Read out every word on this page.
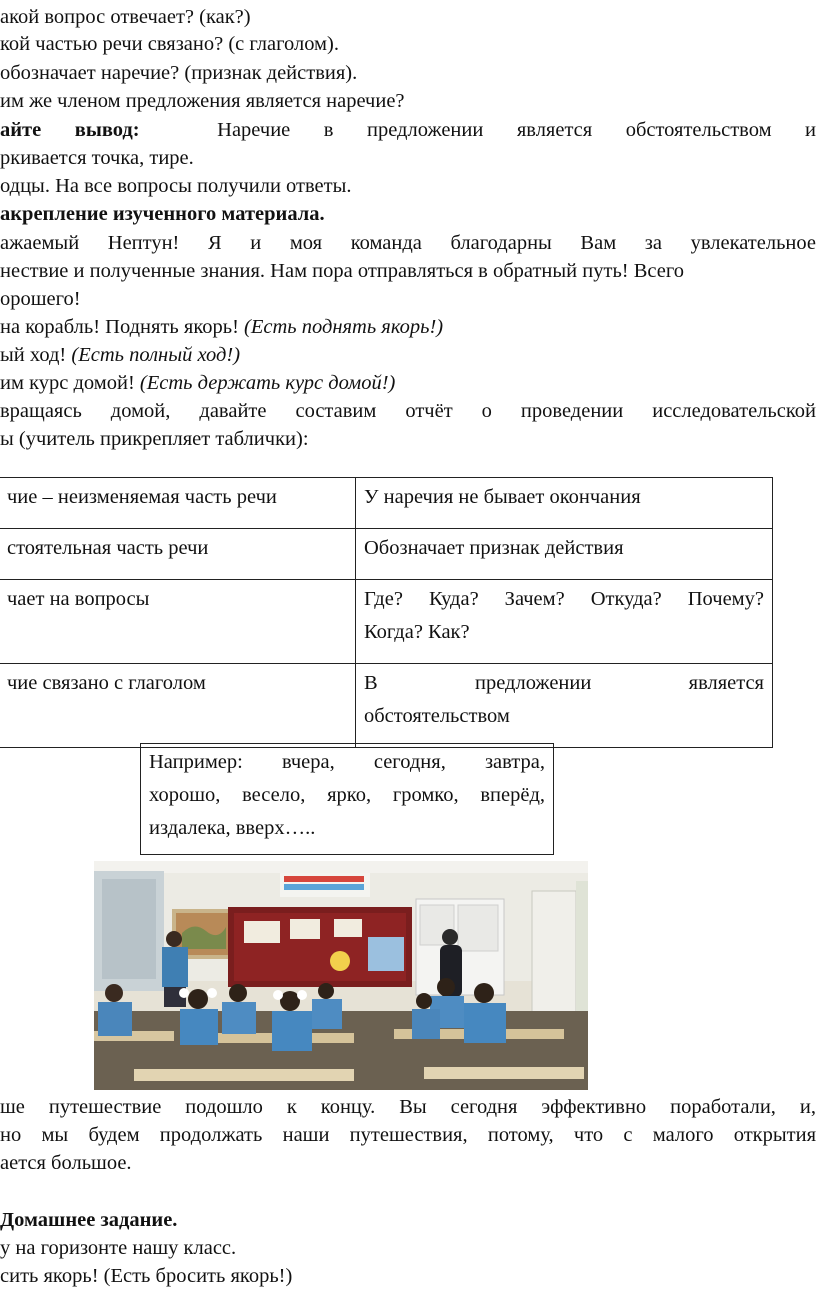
акой вопрос отвечает? (как?)
кой частью речи связано? (с глаголом).
обозначает наречие? (признак действия).
им же членом предложения является наречие?
айте вывод:	Наречие в предложении является обстоятельством и
ркивается точка, тире.
одцы. На все вопросы получили ответы.
акрепление изученного материала.
ажаемый Нептун! Я и моя команда благодарны Вам за увлекательное
нествие и полученные знания. Нам пора отправляться в обратный путь! Всего
орошего!
на корабль! Поднять якорь! (Есть поднять якорь!)
ый ход! (Есть полный ход!)
им курс домой! (Есть держать курс домой!)
вращаясь домой, давайте составим отчёт о проведении исследовательской
ы (учитель прикрепляет таблички):
чие – неизменяемая часть речи	У наречия не бывает окончания
стоятельная часть речи	Обозначает признак действия
чает на вопросы	Где? Куда? Зачем? Откуда? Почему?
Когда? Как?

чие связано с глаголом	В предложении является
обстоятельством
Например: вчера, сегодня, завтра,
хорошо, весело, ярко, громко, вперёд,
издалека, вверх…..
ше путешествие подошло к концу. Вы сегодня эффективно поработали, и,
но мы будем продолжать наши путешествия, потому, что с малого открытия
ается большое.
Домашнее задание.
у на горизонте нашу класс.
сить якорь! (Есть бросить якорь!)
